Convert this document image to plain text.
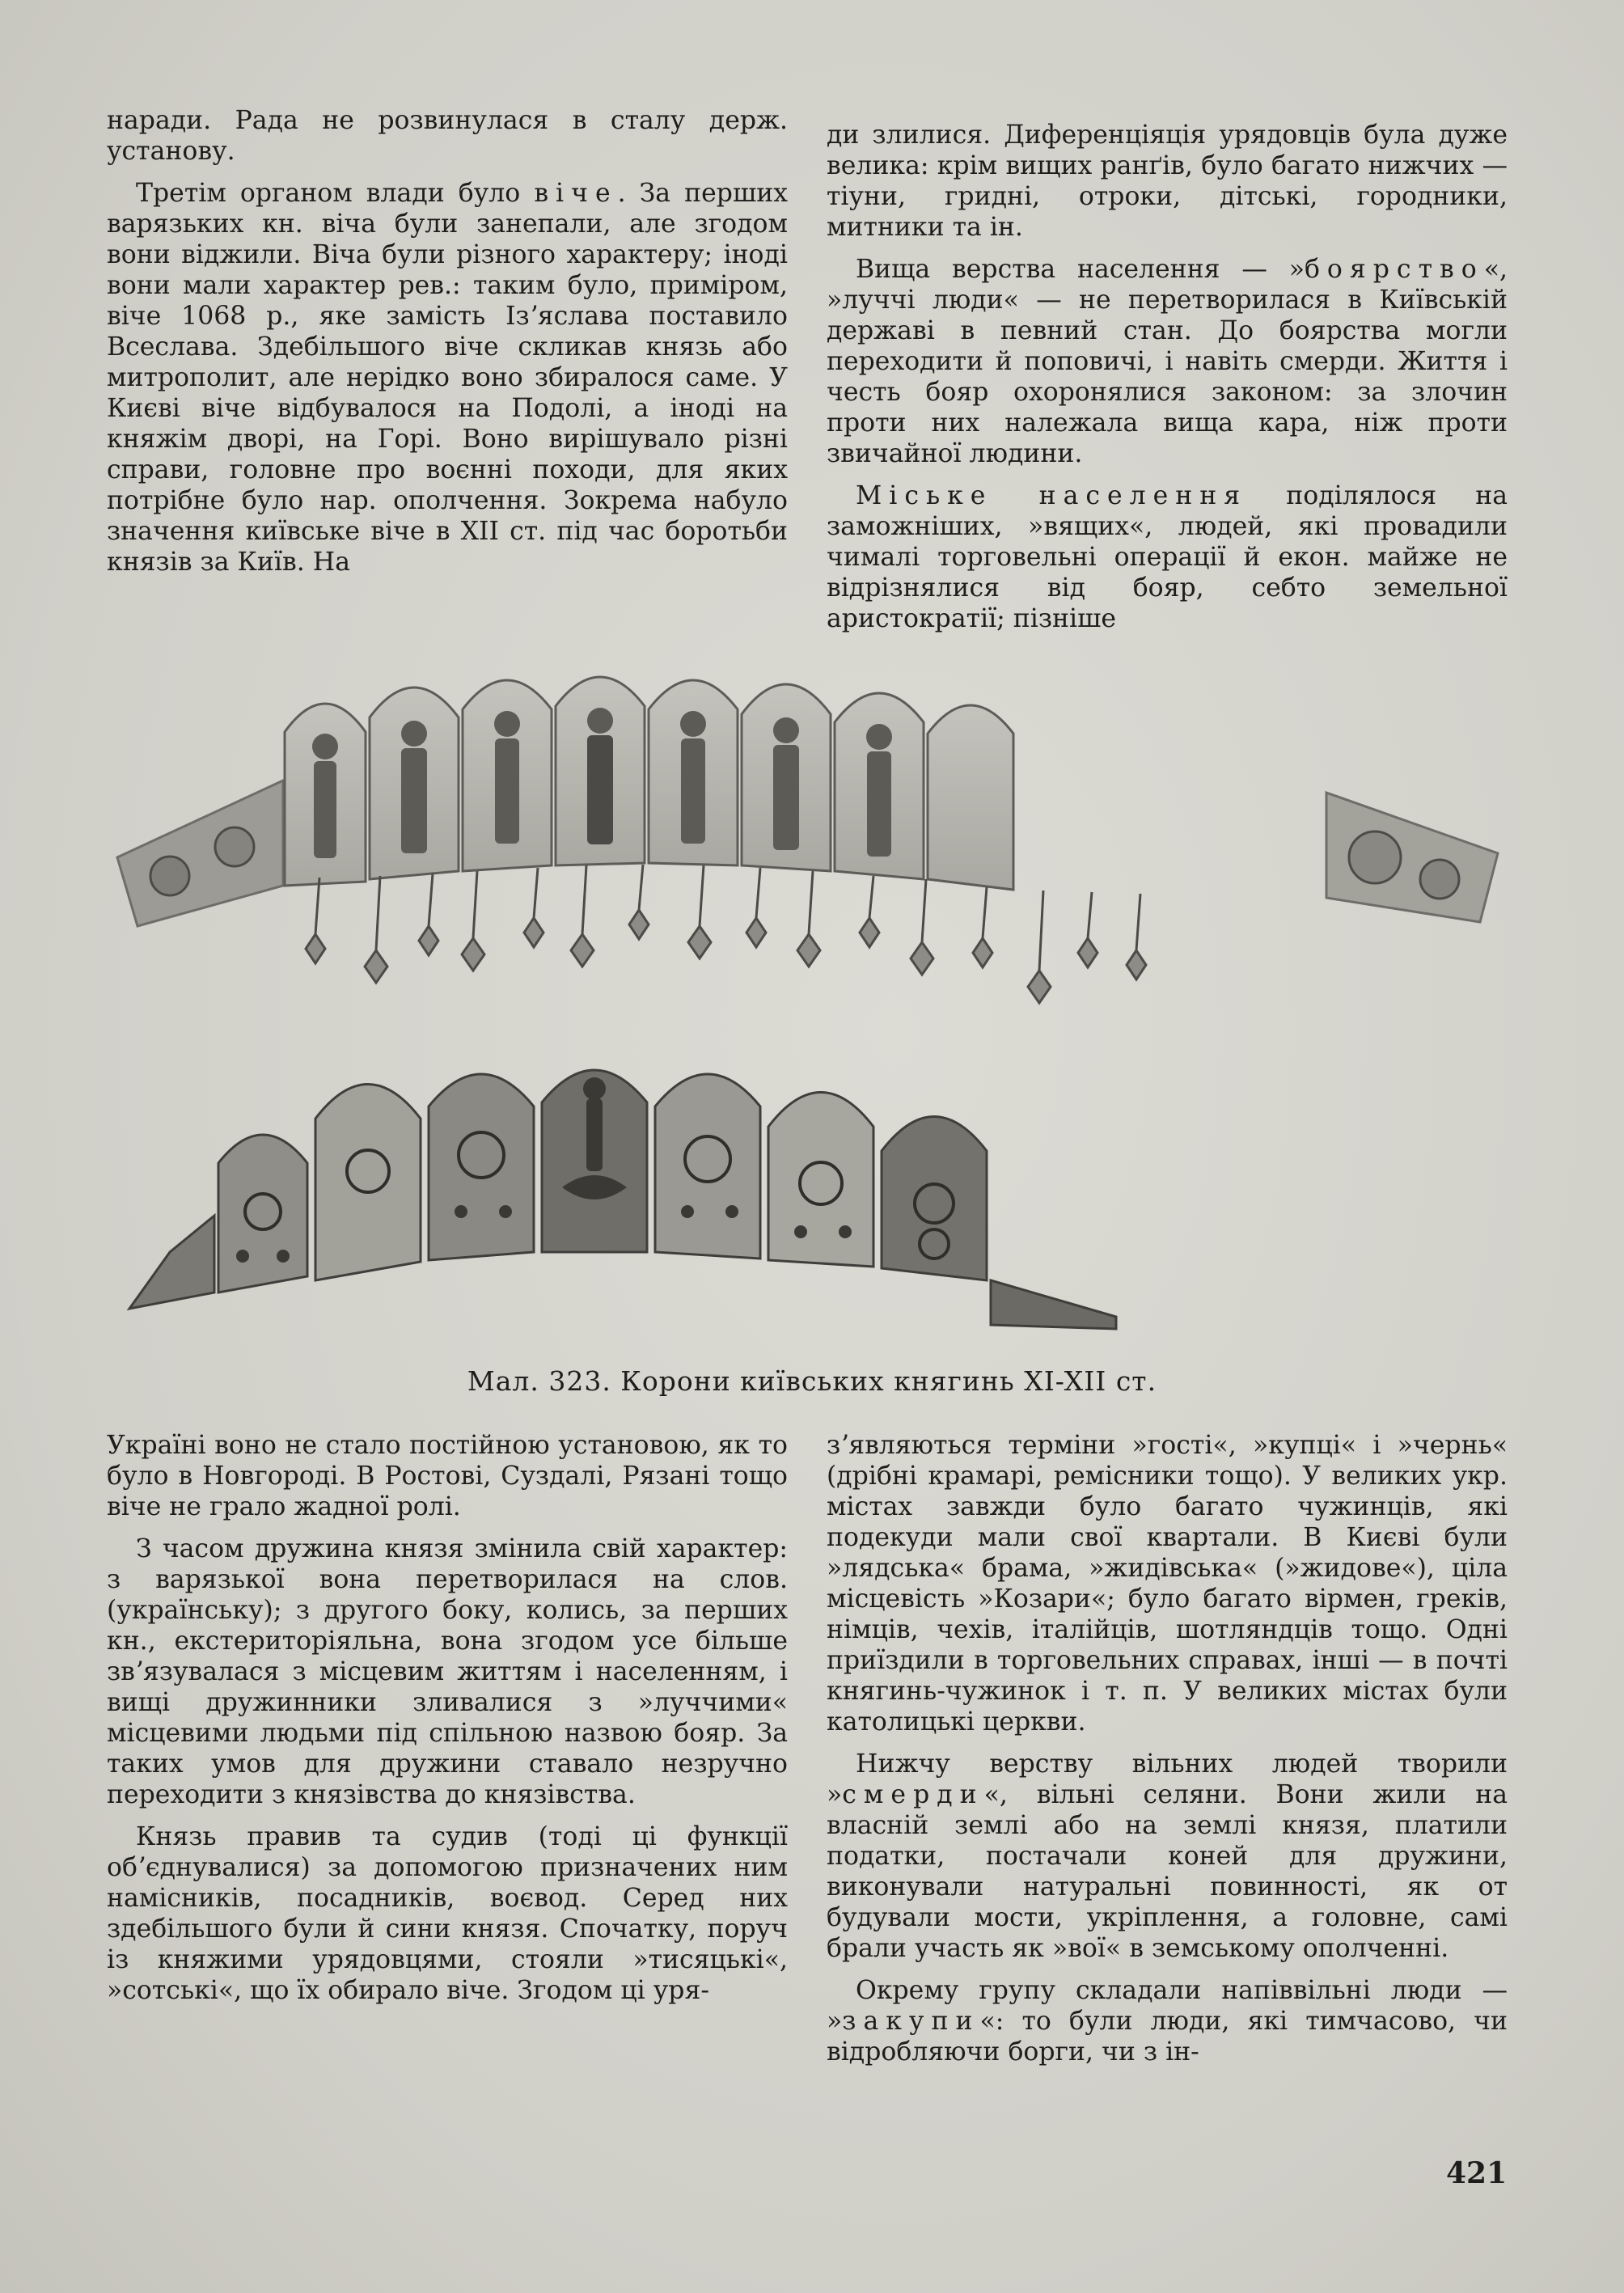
наради. Рада не розвинулася в сталу держ. установу.

Третім органом влади було віче. За перших варязьких кн. віча були занепали, але згодом вони віджили. Віча були різного характеру; іноді вони мали характер рев.: таким було, приміром, віче 1068 р., яке замість Ізʼяслава поставило Всеслава. Здебільшого віче скликав князь або митрополит, але нерідко воно збиралося саме. У Києві віче відбувалося на Подолі, а іноді на княжім дворі, на Горі. Воно вирішувало різні справи, головне про воєнні походи, для яких потрібне було нар. ополчення. Зокрема набуло значення київське віче в XII ст. під час боротьби князів за Київ. На

ди злилися. Диференціяція урядовців була дуже велика: крім вищих ранґів, було багато нижчих — тіуни, гридні, отроки, дітські, городники, митники та ін.

Вища верства населення — »боярство«, »луччі люди« — не перетворилася в Київській державі в певний стан. До боярства могли переходити й поповичі, і навіть смерди. Життя і честь бояр охоронялися законом: за злочин проти них належала вища кара, ніж проти звичайної людини.

Міське населення поділялося на заможніших, »вящих«, людей, які провадили чималі торговельні операції й екон. майже не відрізнялися від бояр, себто земельної аристократії; пізніше

Мал. 323. Корони київських княгинь XI-XII ст.

Україні воно не стало постійною установою, як то було в Новгороді. В Ростові, Суздалі, Рязані тощо віче не грало жадної ролі.

З часом дружина князя змінила свій характер: з варязької вона перетворилася на слов. (українську); з другого боку, колись, за перших кн., екстериторіяльна, вона згодом усе більше звʼязувалася з місцевим життям і населенням, і вищі дружинники зливалися з »луччими« місцевими людьми під спільною назвою бояр. За таких умов для дружини ставало незручно переходити з князівства до князівства.

Князь правив та судив (тоді ці функції обʼєднувалися) за допомогою призначених ним намісників, посадників, воєвод. Серед них здебільшого були й сини князя. Спочатку, поруч із княжими урядовцями, стояли »тисяцькі«, »сотські«, що їх обирало віче. Згодом ці уря-

зʼявляються терміни »гості«, »купці« і »чернь« (дрібні крамарі, ремісники тощо). У великих укр. містах завжди було багато чужинців, які подекуди мали свої квартали. В Києві були »лядська« брама, »жидівська« (»жидове«), ціла місцевість »Козари«; було багато вірмен, греків, німців, чехів, італійців, шотляндців тощо. Одні приїздили в торговельних справах, інші — в почті княгинь-чужинок і т. п. У великих містах були католицькі церкви.

Нижчу верству вільних людей творили »смерди«, вільні селяни. Вони жили на власній землі або на землі князя, платили податки, постачали коней для дружини, виконували натуральні повинності, як от будували мости, укріплення, а головне, самі брали участь як »вої« в земському ополченні.

Окрему групу складали напіввільні люди — »закупи«: то були люди, які тимчасово, чи відробляючи борги, чи з ін-

421
